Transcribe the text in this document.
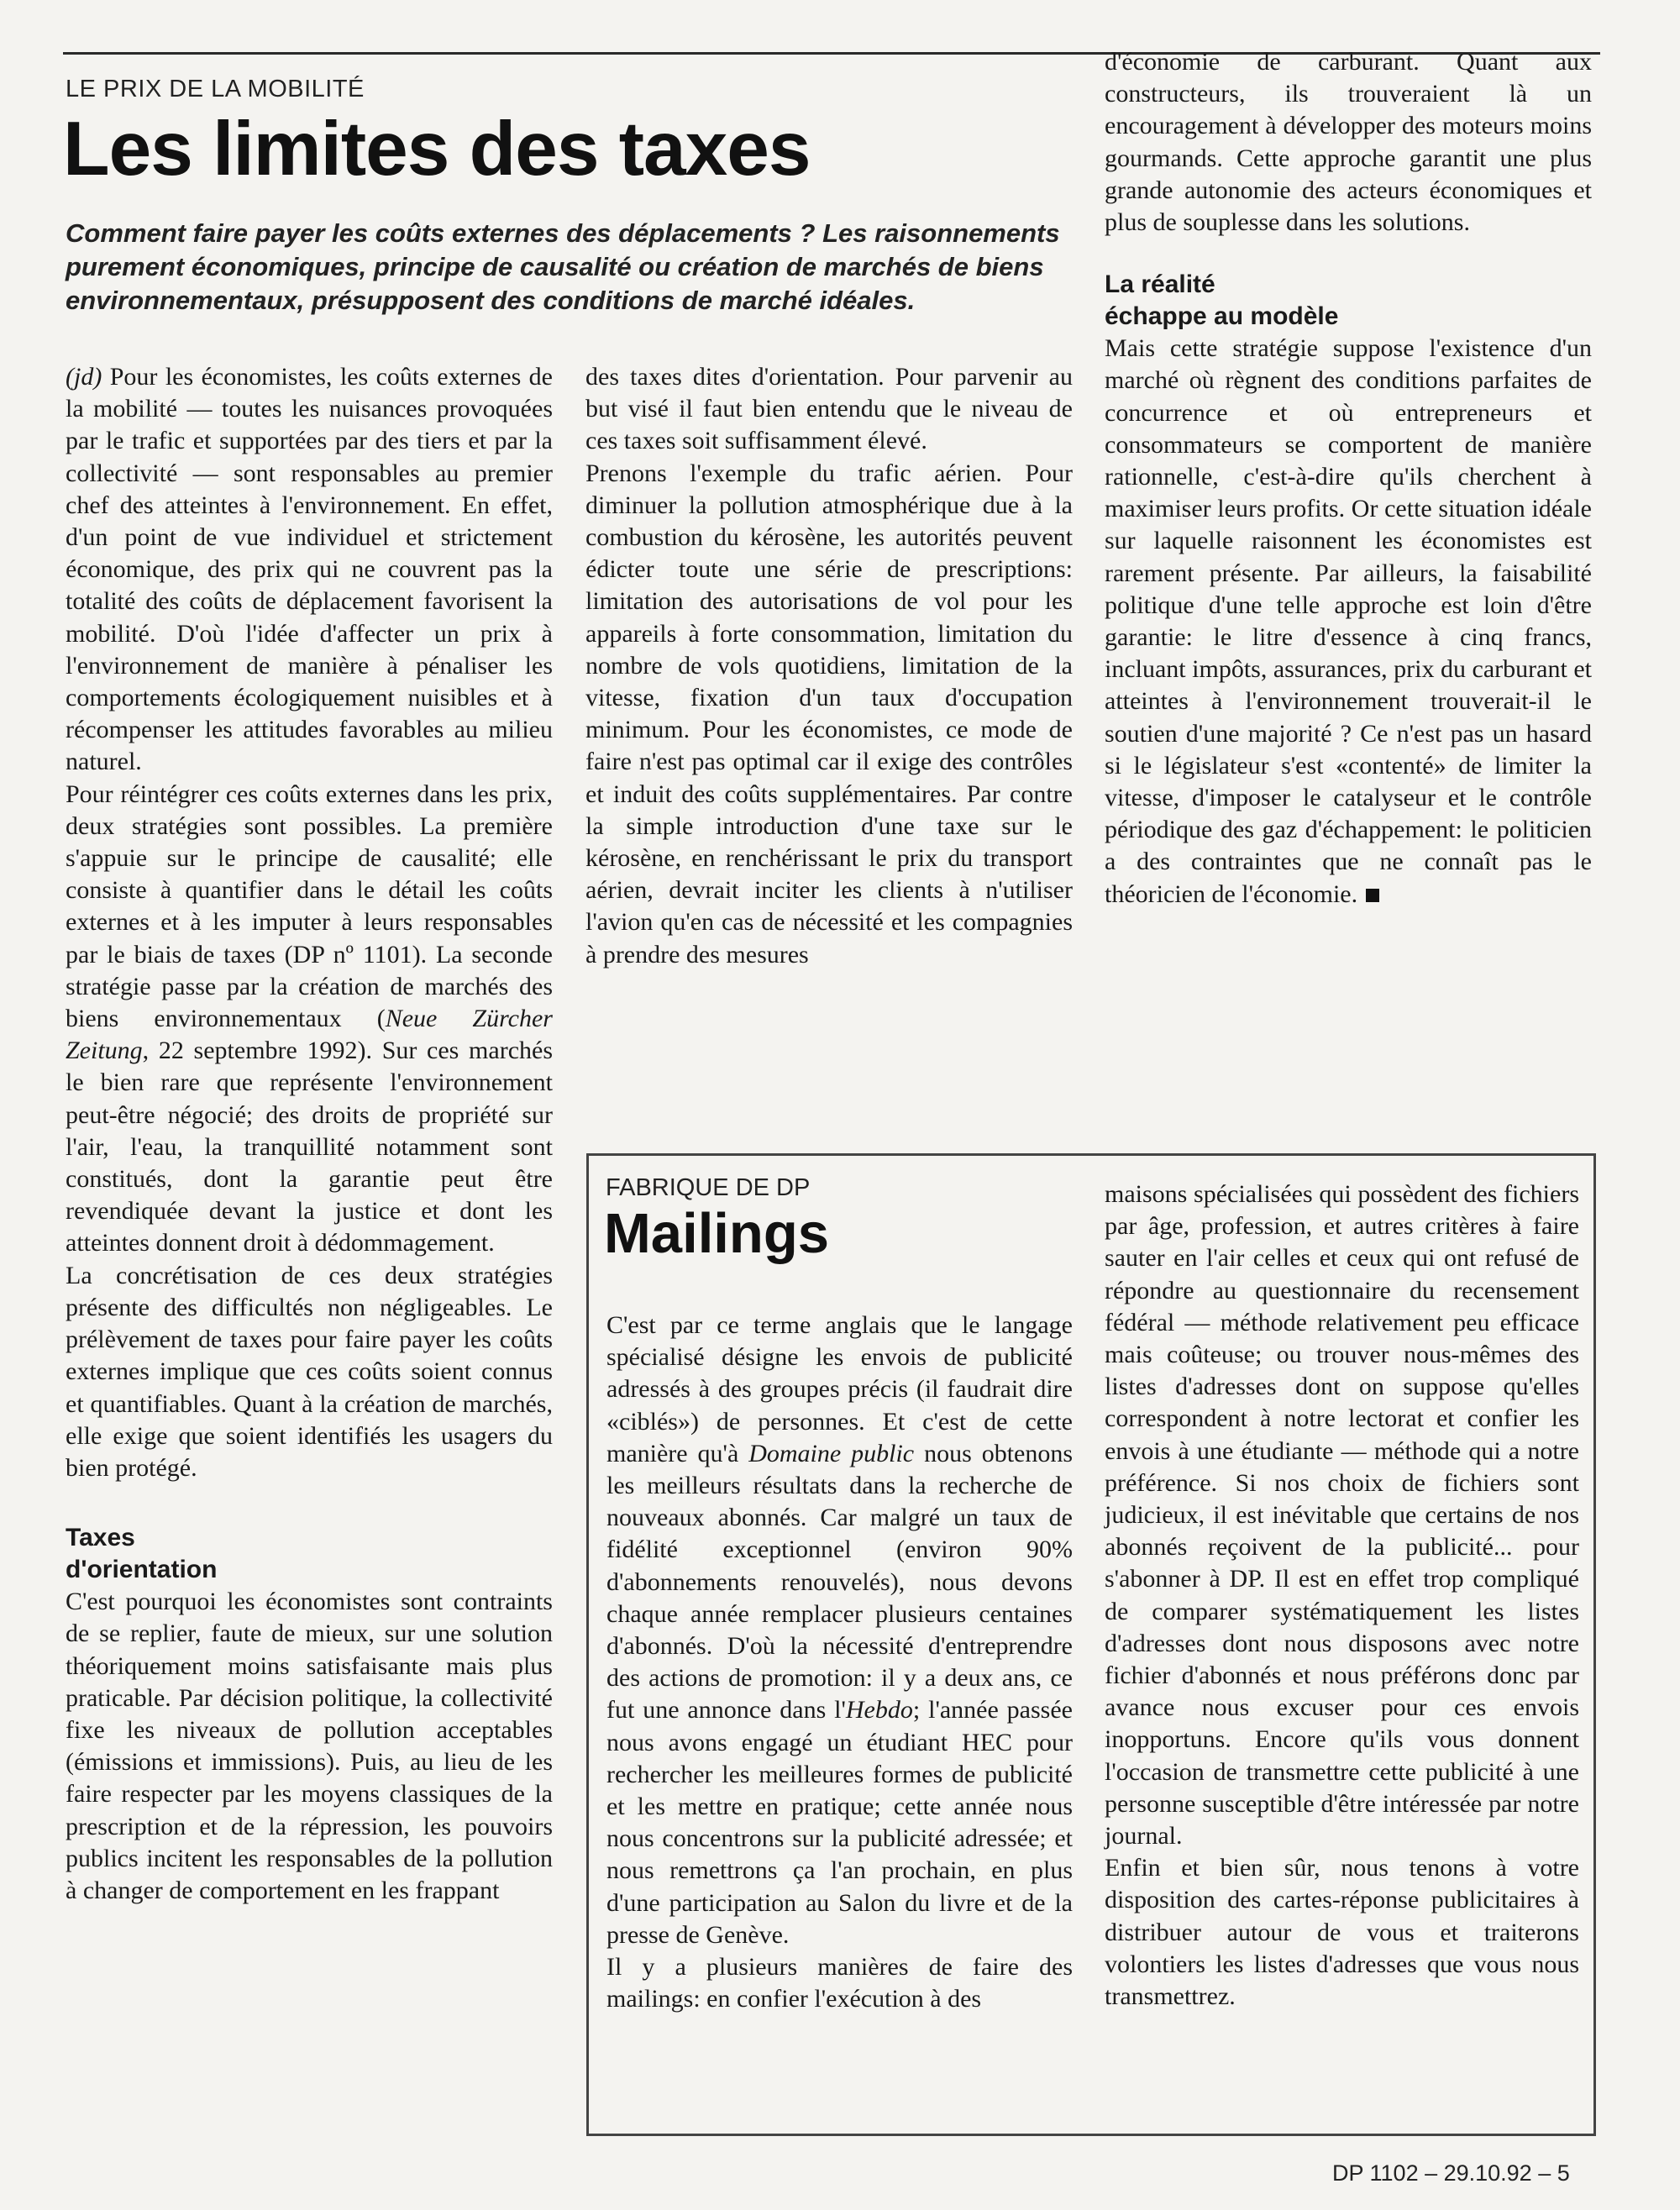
LE PRIX DE LA MOBILITÉ
Les limites des taxes
Comment faire payer les coûts externes des déplacements ? Les raisonnements purement économiques, principe de causalité ou création de marchés de biens environnementaux, présupposent des conditions de marché idéales.

(jd) Pour les économistes, les coûts externes de la mobilité — toutes les nuisances provoquées par le trafic et supportées par des tiers et par la collectivité — sont responsables au premier chef des atteintes à l'environnement. En effet, d'un point de vue individuel et strictement économique, des prix qui ne couvrent pas la totalité des coûts de déplacement favorisent la mobilité. D'où l'idée d'affecter un prix à l'environnement de manière à pénaliser les comportements écologiquement nuisibles et à récompenser les attitudes favorables au milieu naturel.

Pour réintégrer ces coûts externes dans les prix, deux stratégies sont possibles. La première s'appuie sur le principe de causalité; elle consiste à quantifier dans le détail les coûts externes et à les imputer à leurs responsables par le biais de taxes (DP nº 1101). La seconde stratégie passe par la création de marchés des biens environnementaux (Neue Zürcher Zeitung, 22 septembre 1992). Sur ces marchés le bien rare que représente l'environnement peut-être négocié; des droits de propriété sur l'air, l'eau, la tranquillité notamment sont constitués, dont la garantie peut être revendiquée devant la justice et dont les atteintes donnent droit à dédommagement.

La concrétisation de ces deux stratégies présente des difficultés non négligeables. Le prélèvement de taxes pour faire payer les coûts externes implique que ces coûts soient connus et quantifiables. Quant à la création de marchés, elle exige que soient identifiés les usagers du bien protégé.

Taxes
d'orientation

C'est pourquoi les économistes sont contraints de se replier, faute de mieux, sur une solution théoriquement moins satisfaisante mais plus praticable. Par décision politique, la collectivité fixe les niveaux de pollution acceptables (émissions et immissions). Puis, au lieu de les faire respecter par les moyens classiques de la prescription et de la répression, les pouvoirs publics incitent les responsables de la pollution à changer de comportement en les frappant

des taxes dites d'orientation. Pour parvenir au but visé il faut bien entendu que le niveau de ces taxes soit suffisamment élevé.

Prenons l'exemple du trafic aérien. Pour diminuer la pollution atmosphérique due à la combustion du kérosène, les autorités peuvent édicter toute une série de prescriptions: limitation des autorisations de vol pour les appareils à forte consommation, limitation du nombre de vols quotidiens, limitation de la vitesse, fixation d'un taux d'occupation minimum. Pour les économistes, ce mode de faire n'est pas optimal car il exige des contrôles et induit des coûts supplémentaires. Par contre la simple introduction d'une taxe sur le kérosène, en renchérissant le prix du transport aérien, devrait inciter les clients à n'utiliser l'avion qu'en cas de nécessité et les compagnies à prendre des mesures

d'économie de carburant. Quant aux constructeurs, ils trouveraient là un encouragement à développer des moteurs moins gourmands. Cette approche garantit une plus grande autonomie des acteurs économiques et plus de souplesse dans les solutions.

La réalité
échappe au modèle

Mais cette stratégie suppose l'existence d'un marché où règnent des conditions parfaites de concurrence et où entrepreneurs et consommateurs se comportent de manière rationnelle, c'est-à-dire qu'ils cherchent à maximiser leurs profits. Or cette situation idéale sur laquelle raisonnent les économistes est rarement présente. Par ailleurs, la faisabilité politique d'une telle approche est loin d'être garantie: le litre d'essence à cinq francs, incluant impôts, assurances, prix du carburant et atteintes à l'environnement trouverait-il le soutien d'une majorité ? Ce n'est pas un hasard si le législateur s'est «contenté» de limiter la vitesse, d'imposer le catalyseur et le contrôle périodique des gaz d'échappement: le politicien a des contraintes que ne connaît pas le théoricien de l'économie.

FABRIQUE DE DP
Mailings

C'est par ce terme anglais que le langage spécialisé désigne les envois de publicité adressés à des groupes précis (il faudrait dire «ciblés») de personnes. Et c'est de cette manière qu'à Domaine public nous obtenons les meilleurs résultats dans la recherche de nouveaux abonnés. Car malgré un taux de fidélité exceptionnel (environ 90% d'abonnements renouvelés), nous devons chaque année remplacer plusieurs centaines d'abonnés. D'où la nécessité d'entreprendre des actions de promotion: il y a deux ans, ce fut une annonce dans l'Hebdo; l'année passée nous avons engagé un étudiant HEC pour rechercher les meilleures formes de publicité et les mettre en pratique; cette année nous nous concentrons sur la publicité adressée; et nous remettrons ça l'an prochain, en plus d'une participation au Salon du livre et de la presse de Genève.

Il y a plusieurs manières de faire des mailings: en confier l'exécution à des

maisons spécialisées qui possèdent des fichiers par âge, profession, et autres critères à faire sauter en l'air celles et ceux qui ont refusé de répondre au questionnaire du recensement fédéral — méthode relativement peu efficace mais coûteuse; ou trouver nous-mêmes des listes d'adresses dont on suppose qu'elles correspondent à notre lectorat et confier les envois à une étudiante — méthode qui a notre préférence. Si nos choix de fichiers sont judicieux, il est inévitable que certains de nos abonnés reçoivent de la publicité... pour s'abonner à DP. Il est en effet trop compliqué de comparer systématiquement les listes d'adresses dont nous disposons avec notre fichier d'abonnés et nous préférons donc par avance nous excuser pour ces envois inopportuns. Encore qu'ils vous donnent l'occasion de transmettre cette publicité à une personne susceptible d'être intéressée par notre journal.

Enfin et bien sûr, nous tenons à votre disposition des cartes-réponse publicitaires à distribuer autour de vous et traiterons volontiers les listes d'adresses que vous nous transmettrez.

DP 1102 – 29.10.92 – 5
